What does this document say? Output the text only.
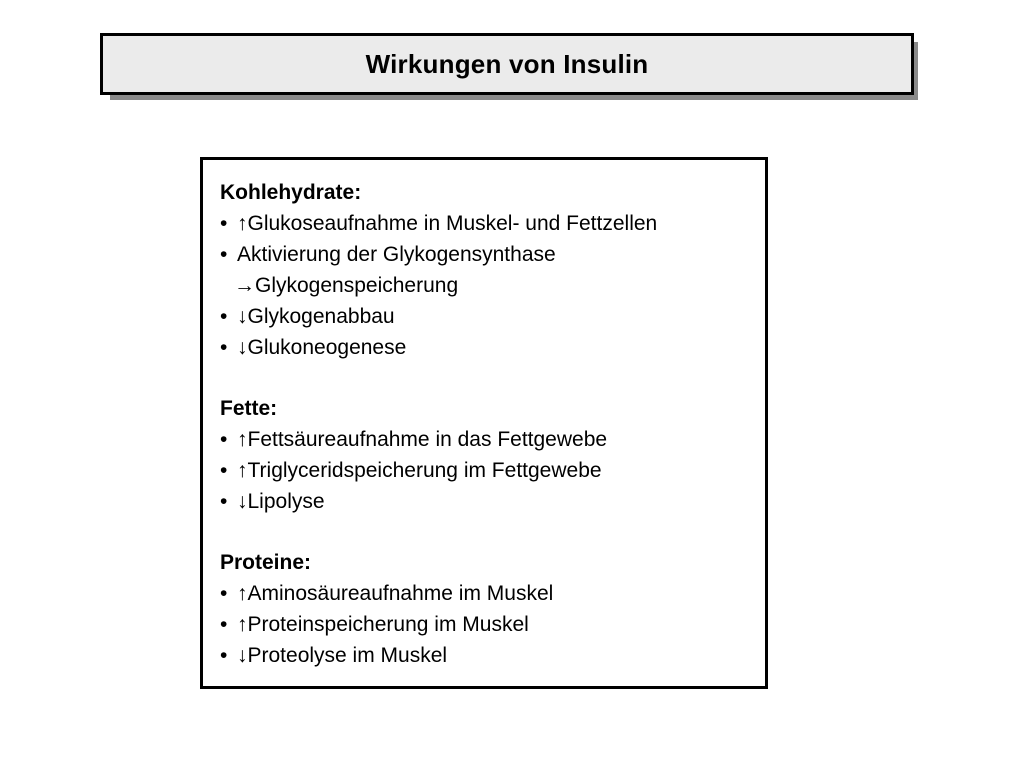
Wirkungen von Insulin
Kohlehydrate:
• ↑Glukoseaufnahme in Muskel- und Fettzellen
• Aktivierung der Glykogensynthase
→Glykogenspeicherung
• ↓Glykogenabbau
• ↓Glukoneogenese
Fette:
• ↑Fettsäureaufnahme in das Fettgewebe
• ↑Triglyceridspeicherung im Fettgewebe
• ↓Lipolyse
Proteine:
• ↑Aminosäureaufnahme im Muskel
• ↑Proteinspeicherung im Muskel
• ↓Proteolyse im Muskel
